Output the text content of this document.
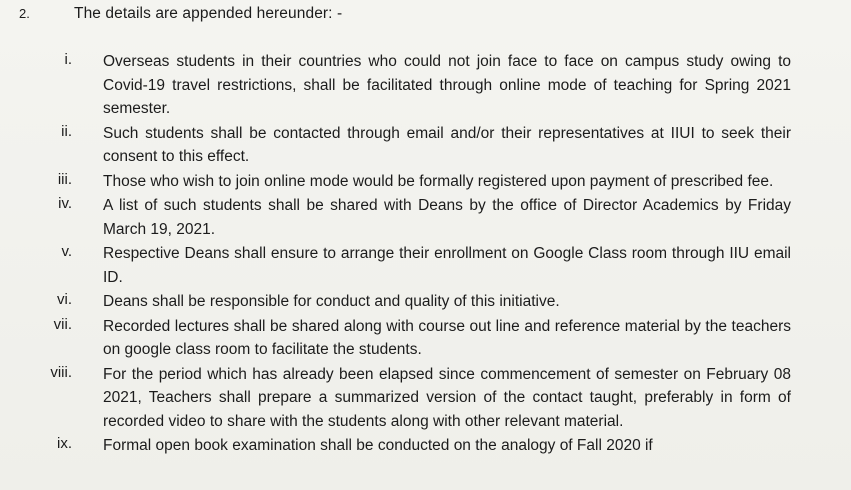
2.	The details are appended hereunder: -
i. Overseas students in their countries who could not join face to face on campus study owing to Covid-19 travel restrictions, shall be facilitated through online mode of teaching for Spring 2021 semester.
ii. Such students shall be contacted through email and/or their representatives at IIUI to seek their consent to this effect.
iii. Those who wish to join online mode would be formally registered upon payment of prescribed fee.
iv. A list of such students shall be shared with Deans by the office of Director Academics by Friday March 19, 2021.
v. Respective Deans shall ensure to arrange their enrollment on Google Class room through IIU email ID.
vi. Deans shall be responsible for conduct and quality of this initiative.
vii. Recorded lectures shall be shared along with course out line and reference material by the teachers on google class room to facilitate the students.
viii. For the period which has already been elapsed since commencement of semester on February 08 2021, Teachers shall prepare a summarized version of the contact taught, preferably in form of recorded video to share with the students along with other relevant material.
ix. Formal open book examination shall be conducted on the analogy of Fall 2020 if
